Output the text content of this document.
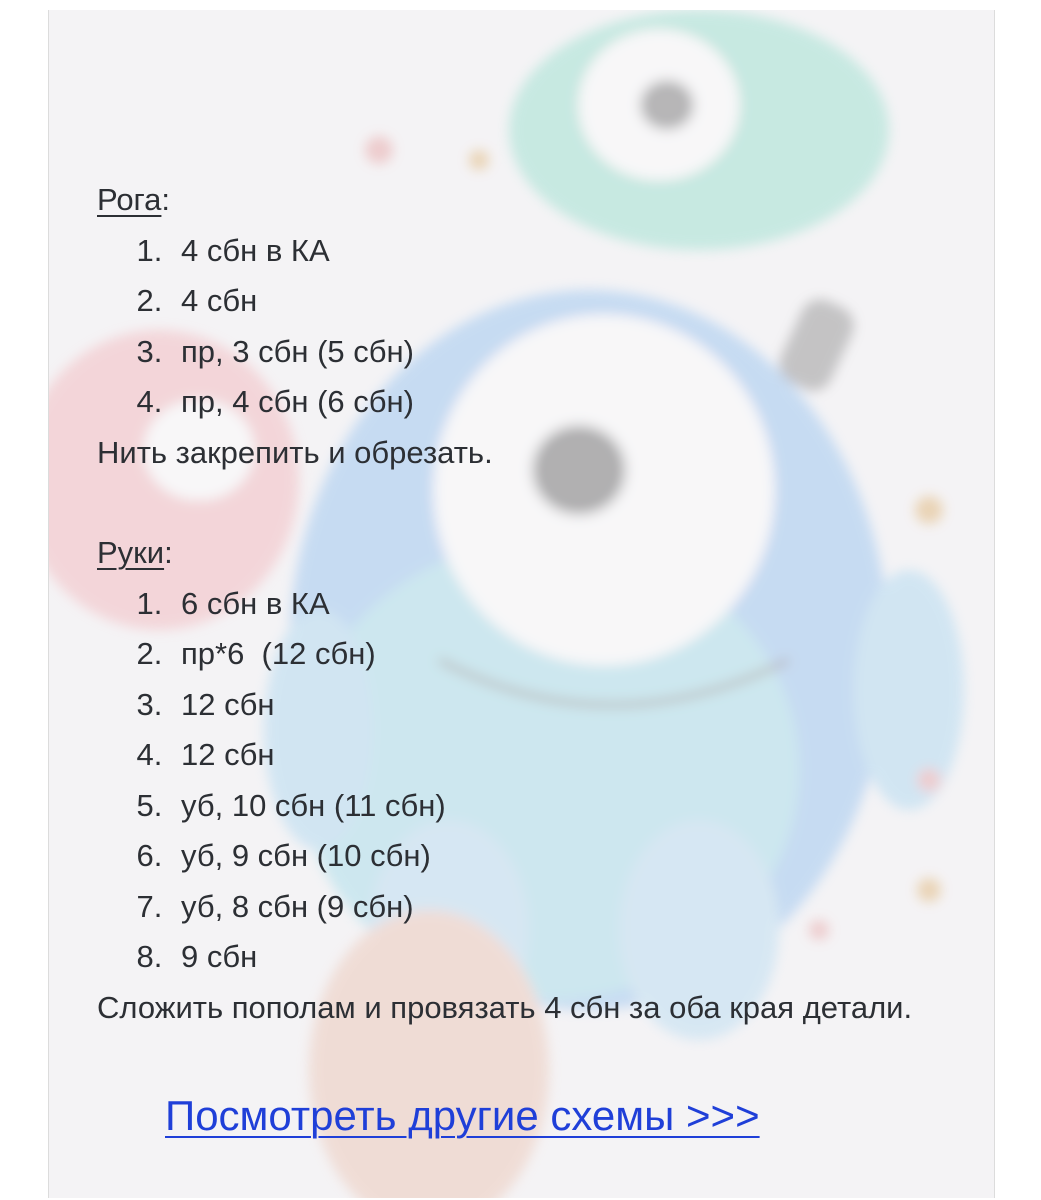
Рога:
1. 4 сбн в КА
2. 4 сбн
3. пр, 3 сбн (5 сбн)
4. пр, 4 сбн (6 сбн)

Нить закрепить и обрезать.

Руки:
1. 6 сбн в КА
2. пр*6  (12 сбн)
3. 12 сбн
4. 12 сбн
5. уб, 10 сбн (11 сбн)
6. уб, 9 сбн (10 сбн)
7. уб, 8 сбн (9 сбн)
8. 9 сбн

Сложить пополам и провязать 4 сбн за оба края детали.

Посмотреть другие схемы >>>
